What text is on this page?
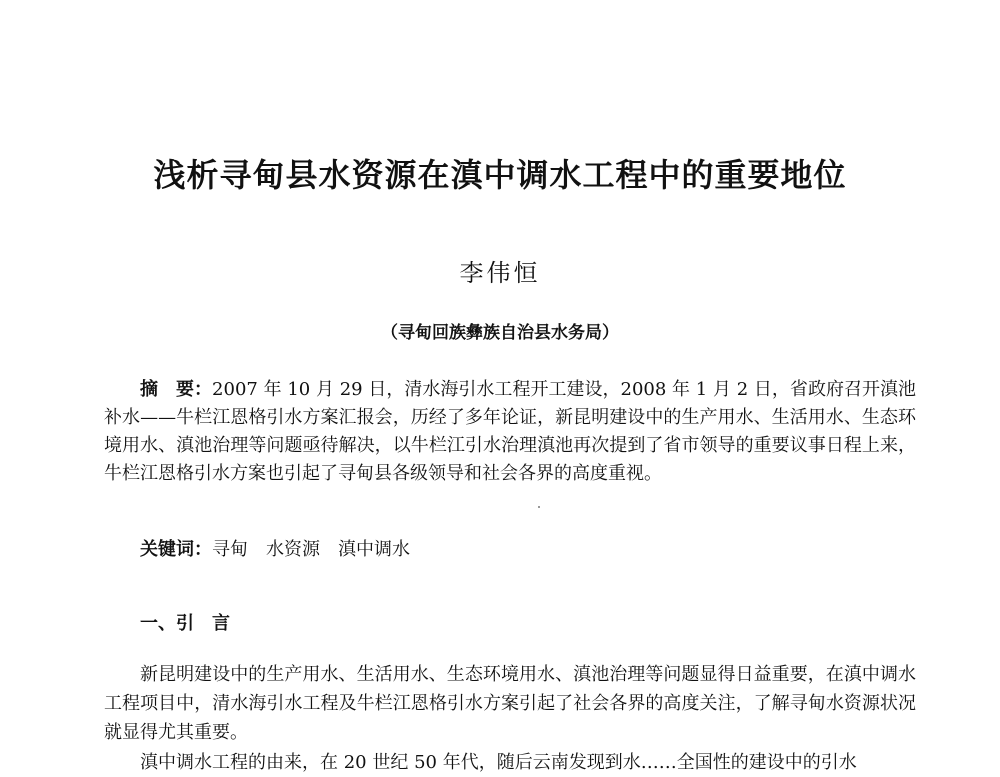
浅析寻甸县水资源在滇中调水工程中的重要地位
李伟恒
（寻甸回族彝族自治县水务局）

摘　要：2007 年 10 月 29 日，清水海引水工程开工建设，2008 年 1 月 2 日，省政府召开滇池补水——牛栏江恩格引水方案汇报会，历经了多年论证，新昆明建设中的生产用水、生活用水、生态环境用水、滇池治理等问题亟待解决，以牛栏江引水治理滇池再次提到了省市领导的重要议事日程上来，牛栏江恩格引水方案也引起了寻甸县各级领导和社会各界的高度重视。

关键词：寻甸 水资源 滇中调水

一、引　言

新昆明建设中的生产用水、生活用水、生态环境用水、滇池治理等问题显得日益重要，在滇中调水工程项目中，清水海引水工程及牛栏江恩格引水方案引起了社会各界的高度关注，了解寻甸水资源状况就显得尤其重要。

滇中调水工程的由来，在 20 世纪 50 年代，随后云南发现到水……全国性的建设中的引水
